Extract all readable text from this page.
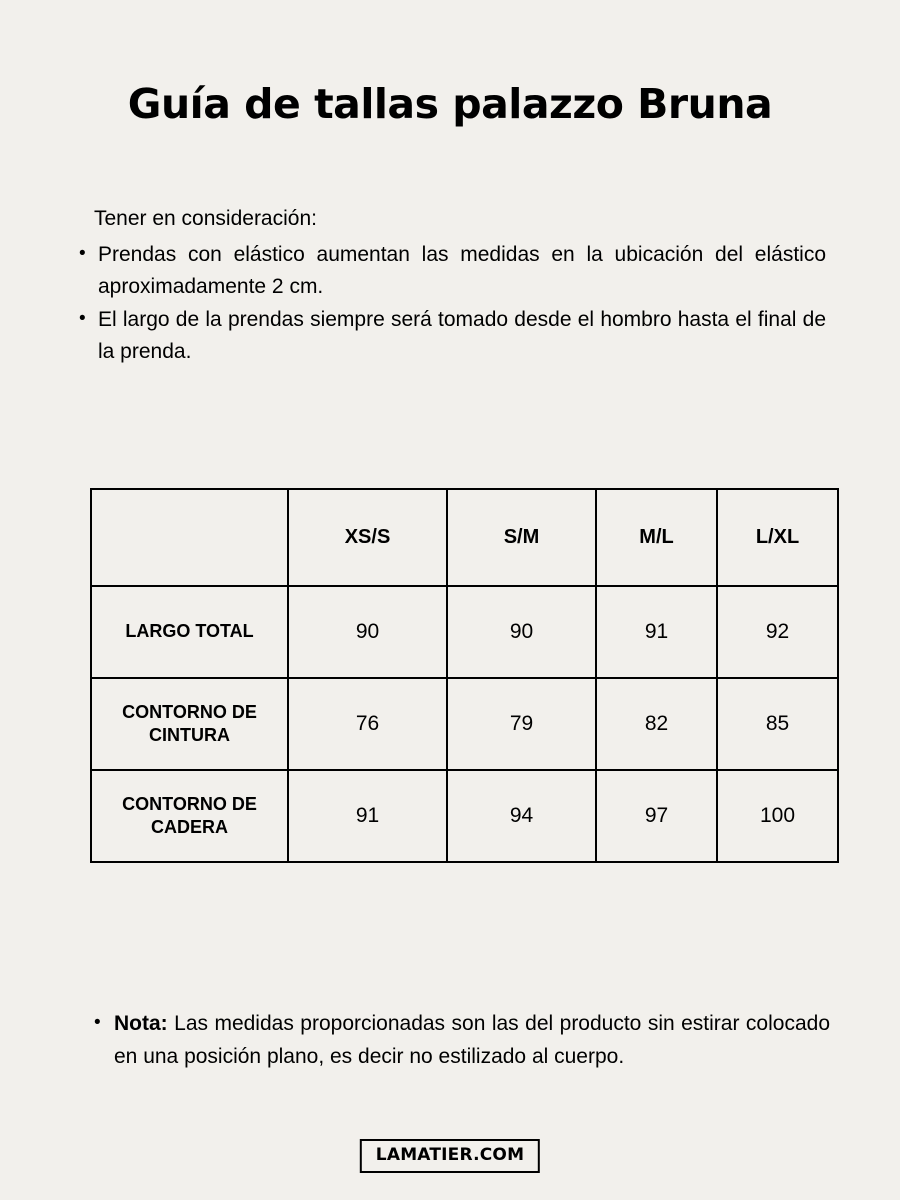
Guía de tallas palazzo Bruna

Tener en consideración:

• Prendas con elástico aumentan las medidas en la ubicación del elástico aproximadamente 2 cm.
• El largo de la prendas siempre será tomado desde el hombro hasta el final de la prenda.
	XS/S	S/M	M/L	L/XL
LARGO TOTAL	90	90	91	92
CONTORNO DE CINTURA	76	79	82	85
CONTORNO DE CADERA	91	94	97	100
• Nota: Las medidas proporcionadas son las del producto sin estirar colocado en una posición plano, es decir no estilizado al cuerpo.
LAMATIER.COM
